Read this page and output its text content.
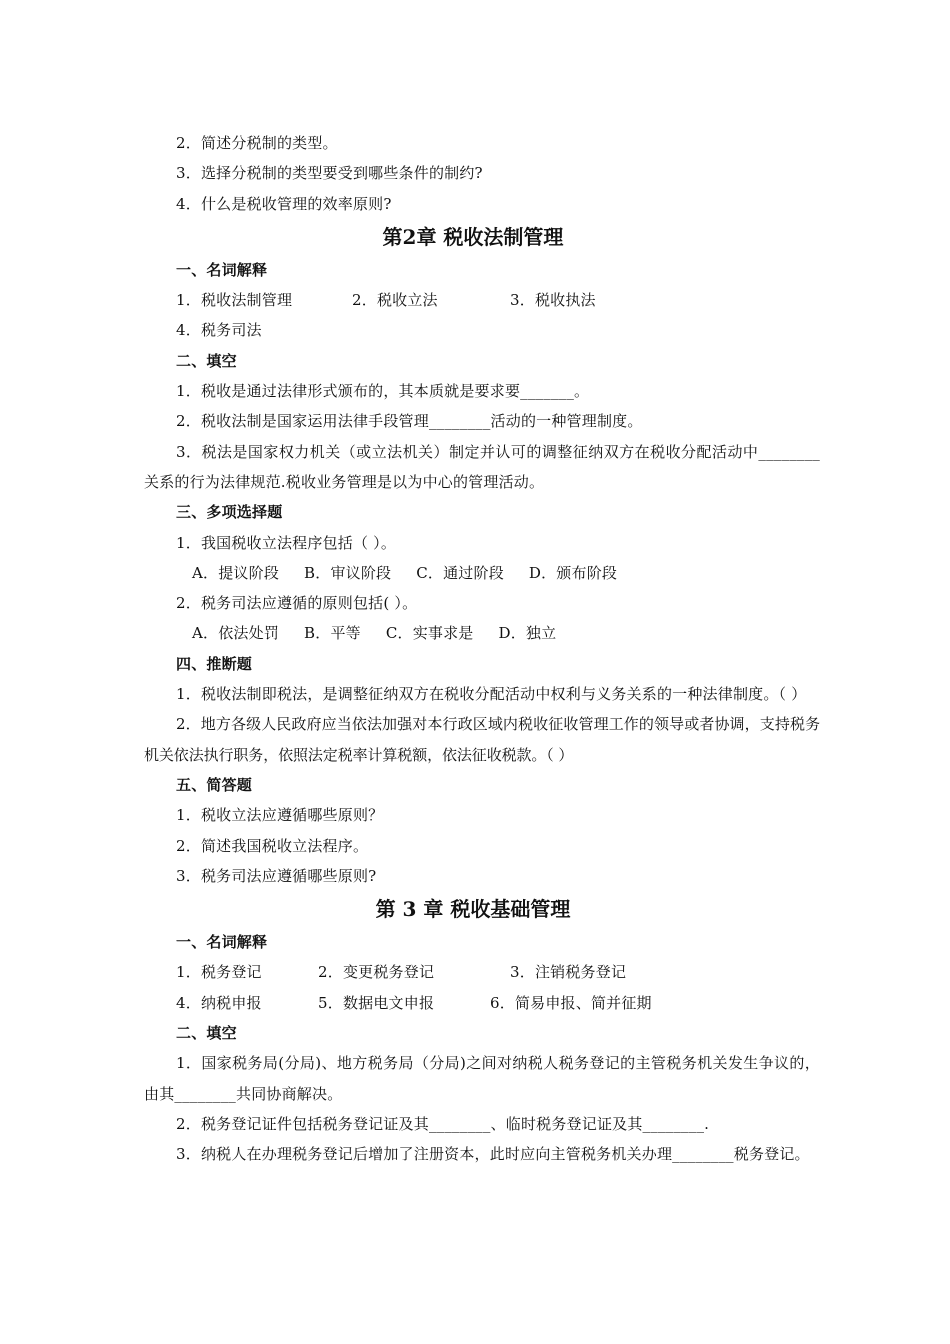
2．简述分税制的类型。
3．选择分税制的类型要受到哪些条件的制约?
4．什么是税收管理的效率原则?
第2章 税收法制管理
一、名词解释
1．税收法制管理	2．税收立法	3．税收执法
4．税务司法
二、填空
1．税收是通过法律形式颁布的，其本质就是要求要_______。
2．税收法制是国家运用法律手段管理________活动的一种管理制度。
3．税法是国家权力机关（或立法机关）制定并认可的调整征纳双方在税收分配活动中________关系的行为法律规范.税收业务管理是以为中心的管理活动。
三、多项选择题
1．我国税收立法程序包括（ ）。
A．提议阶段 B．审议阶段 C．通过阶段 D．颁布阶段
2．税务司法应遵循的原则包括( ）。
A．依法处罚 B．平等 C．实事求是 D．独立
四、推断题
1．税收法制即税法，是调整征纳双方在税收分配活动中权利与义务关系的一种法律制度。（ ）
2．地方各级人民政府应当依法加强对本行政区域内税收征收管理工作的领导或者协调，支持税务机关依法执行职务，依照法定税率计算税额，依法征收税款。（ ）
五、简答题
1．税收立法应遵循哪些原则？
2．简述我国税收立法程序。
3．税务司法应遵循哪些原则?
第 3 章 税收基础管理
一、名词解释
1．税务登记	2．变更税务登记	3．注销税务登记
4．纳税申报	5．数据电文申报	6．简易申报、简并征期
二、填空
1．国家税务局(分局)、地方税务局（分局)之间对纳税人税务登记的主管税务机关发生争议的，由其________共同协商解决。
2．税务登记证件包括税务登记证及其________、临时税务登记证及其________.
3．纳税人在办理税务登记后增加了注册资本，此时应向主管税务机关办理________税务登记。
